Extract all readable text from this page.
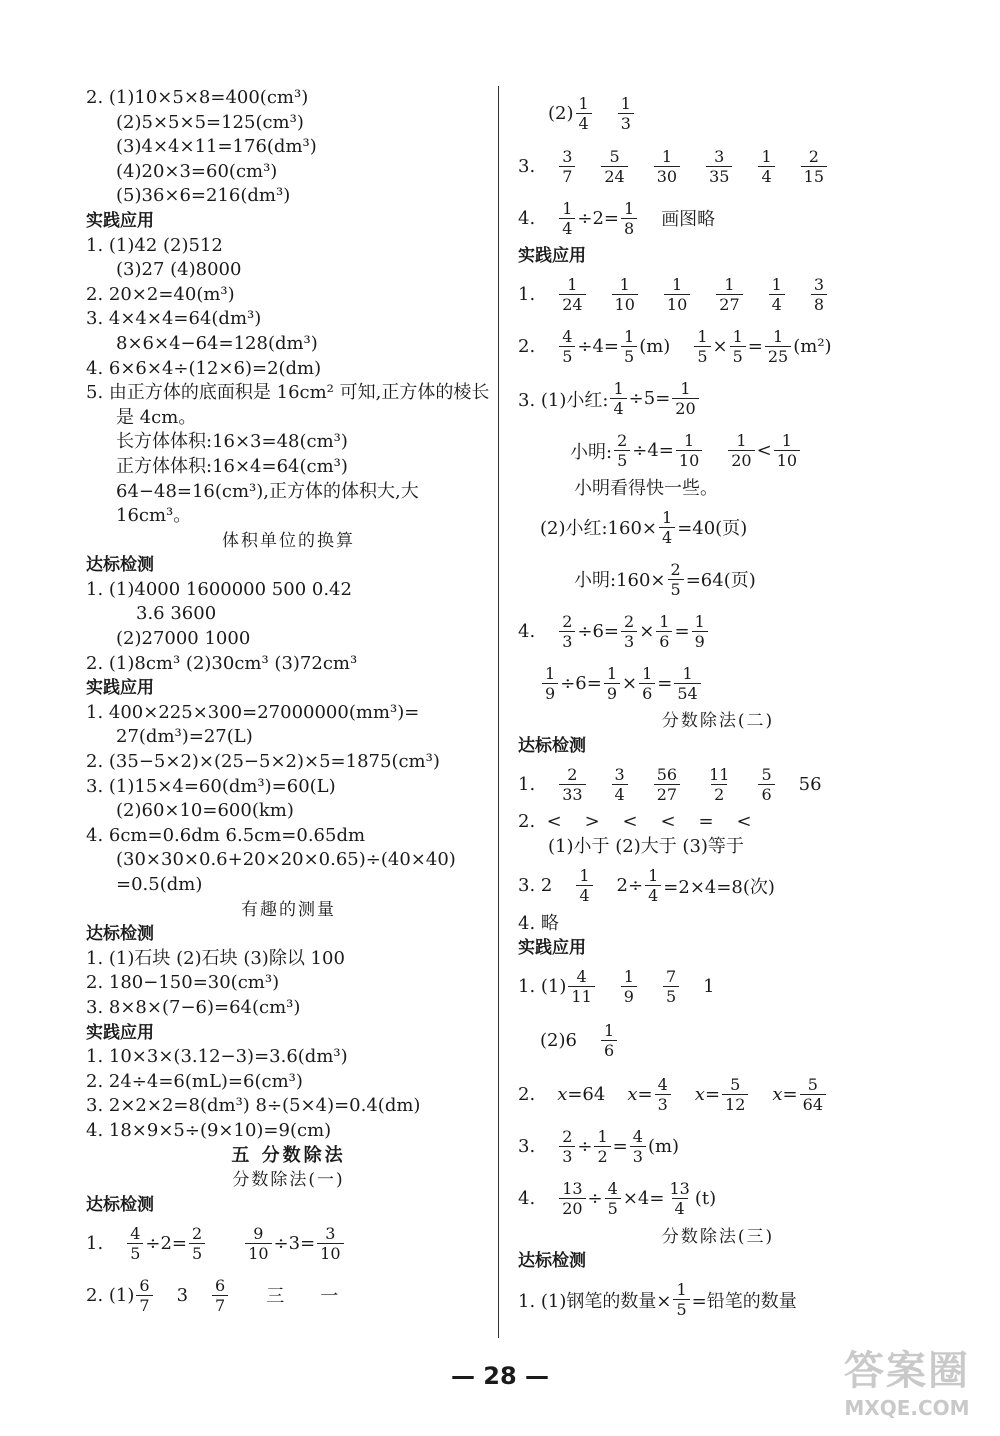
2. (1)10×5×8=400(cm³)
(2)5×5×5=125(cm³)
(3)4×4×11=176(dm³)
(4)20×3=60(cm³)
(5)36×6=216(dm³)
实践应用
1. (1)42 (2)512
(3)27 (4)8000
2. 20×2=40(m³)
3. 4×4×4=64(dm³)
8×6×4−64=128(dm³)
4. 6×6×4÷(12×6)=2(dm)
5. 由正方体的底面积是 16cm² 可知,正方体的棱长是 4cm。
长方体体积:16×3=48(cm³)
正方体体积:16×4=64(cm³)
64−48=16(cm³),正方体的体积大,大16cm³。
体积单位的换算
达标检测
1. (1)4000 1600000 500 0.42
3.6 3600
(2)27000 1000
2. (1)8cm³ (2)30cm³ (3)72cm³
实践应用
1. 400×225×300=27000000(mm³)=
27(dm³)=27(L)
2. (35−5×2)×(25−5×2)×5=1875(cm³)
3. (1)15×4=60(dm³)=60(L)
(2)60×10=600(km)
4. 6cm=0.6dm 6.5cm=0.65dm
(30×30×0.6+20×20×0.65)÷(40×40)
=0.5(dm)
有趣的测量
达标检测
1. (1)石块 (2)石块 (3)除以 100
2. 180−150=30(cm³)
3. 8×8×(7−6)=64(cm³)
实践应用
1. 10×3×(3.12−3)=3.6(dm³)
2. 24÷4=6(mL)=6(cm³)
3. 2×2×2=8(dm³) 8÷(5×4)=0.4(dm)
4. 18×9×5÷(9×10)=9(cm)
五 分数除法
分数除法(一)
达标检测
1. 4
5 ÷2= 2
5
9
10 ÷3= 3
10
2. (1) 6
7 3 6
7 三 一
(2) 1
4
1
3
3. 3
7
5
24
1
30
3
35
1
4
2
15
4. 1
4 ÷2= 1
8 画图略
实践应用
1. 1
24
1
10
1
10
1
27
1
4
3
8
2. 4
5 ÷4= 1
5 (m) 1
5 × 1
5 = 1
25 (m²)
3. (1)小红:
1
4 ÷5= 1
20
小明:
2
5 ÷4= 1
10
1
20 < 1
10
小明看得快一些。
(2)小红:160× $\frac{1}{4} =40$(页)
小明:160× $\frac{2}{5} =64$(页)
4. 2
3 ÷6= 2
3 × 1
6 = 1
9
1
9 ÷6= 1
9 × 1
6 = 1
54
分数除法(二)
达标检测
1. 2
33
3
4
56
27
11
2
5
6 56
2.  <    >    <    <    =    <
(1)小于 (2)大于 (3)等于
3. 2 1
4 $2\div \frac{1}{4} =2\times 4=8$(次)
4. 略
实践应用
1. (1) 4
11
1
9
7
5 1
(2)6 1
6
2. x =64 x = 4
3 x = 5
12 x = 5
64
3. 2
3 ÷ 1
2 = 4
3 (m)
4. 13
20 ÷ 4
5 ×4= 13
4 (t)
分数除法(三)
达标检测
1. (1)钢笔的数量× $\frac{1}{5}$ =铅笔的数量
— 28 —	答案圈
MXQE.COM
